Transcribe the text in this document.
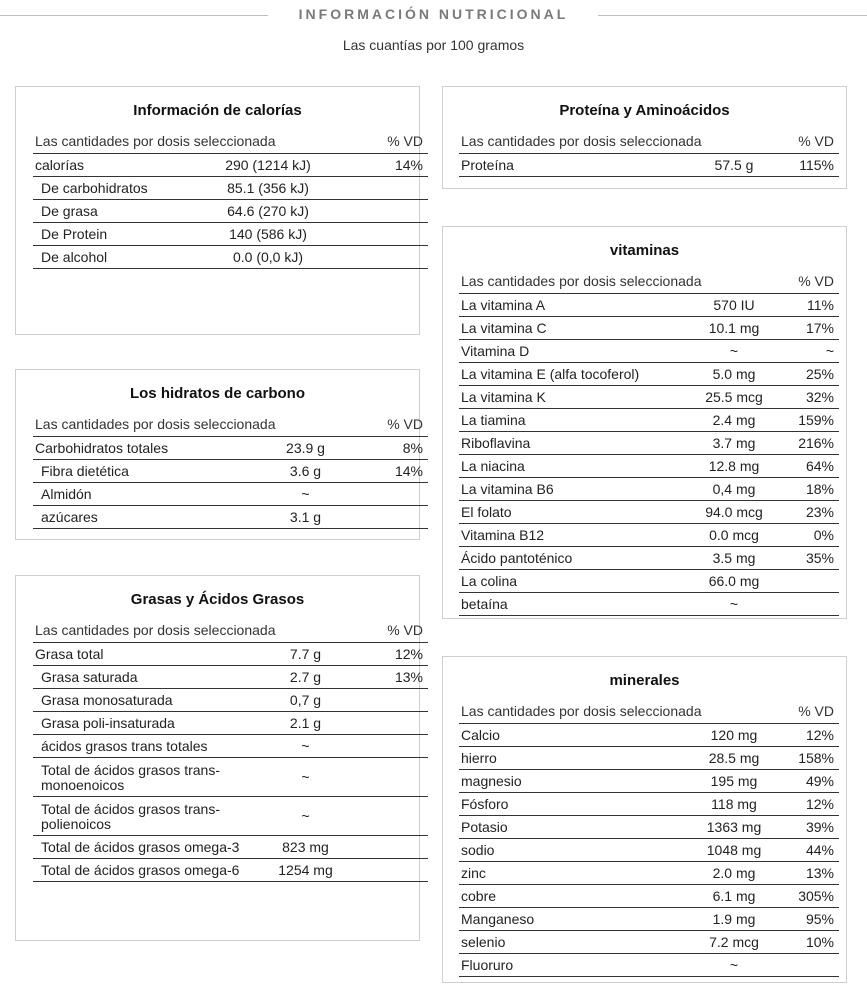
INFORMACIÓN NUTRICIONAL
Las cuantías por 100 gramos
Información de calorías
Las cantidades por dosis seleccionada		% VD
calorías	290 (1214 kJ)	14%
De carbohidratos	85.1 (356 kJ)	
De grasa	64.6 (270 kJ)	
De Protein	140 (586 kJ)	
De alcohol	0.0 (0,0 kJ)	
Los hidratos de carbono
Las cantidades por dosis seleccionada		% VD
Carbohidratos totales	23.9 g	8%
Fibra dietética	3.6 g	14%
Almidón	~	
azúcares	3.1 g	
Grasas y Ácidos Grasos
Las cantidades por dosis seleccionada		% VD
Grasa total	7.7 g	12%
Grasa saturada	2.7 g	13%
Grasa monosaturada	0,7 g	
Grasa poli-insaturada	2.1 g	
ácidos grasos trans totales	~	
Total de ácidos grasos trans-monoenoicos	~	
Total de ácidos grasos trans-polienoicos	~	
Total de ácidos grasos omega-3	823 mg	
Total de ácidos grasos omega-6	1254 mg	
Proteína y Aminoácidos
Las cantidades por dosis seleccionada		% VD
Proteína	57.5 g	115%
vitaminas
Las cantidades por dosis seleccionada		% VD
La vitamina A	570 IU	11%
La vitamina C	10.1 mg	17%
Vitamina D	~	~
La vitamina E (alfa tocoferol)	5.0 mg	25%
La vitamina K	25.5 mcg	32%
La tiamina	2.4 mg	159%
Riboflavina	3.7 mg	216%
La niacina	12.8 mg	64%
La vitamina B6	0,4 mg	18%
El folato	94.0 mcg	23%
Vitamina B12	0.0 mcg	0%
Ácido pantoténico	3.5 mg	35%
La colina	66.0 mg	
betaína	~	
minerales
Las cantidades por dosis seleccionada		% VD
Calcio	120 mg	12%
hierro	28.5 mg	158%
magnesio	195 mg	49%
Fósforo	118 mg	12%
Potasio	1363 mg	39%
sodio	1048 mg	44%
zinc	2.0 mg	13%
cobre	6.1 mg	305%
Manganeso	1.9 mg	95%
selenio	7.2 mcg	10%
Fluoruro	~	
